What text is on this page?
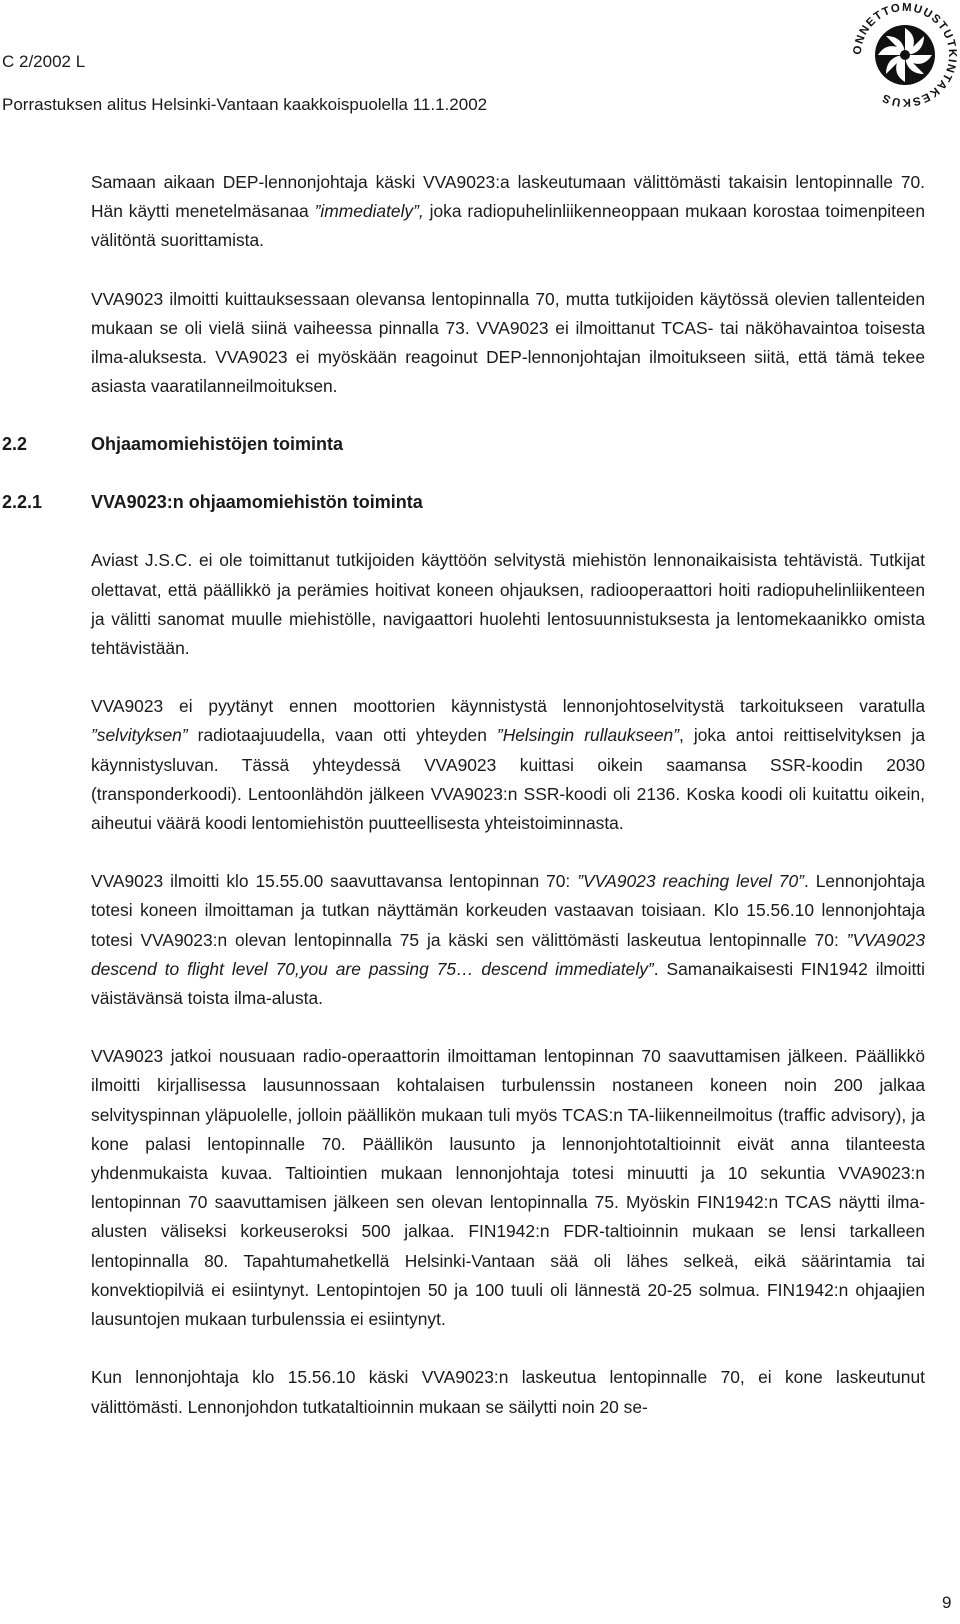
C 2/2002 L
Porrastuksen alitus Helsinki-Vantaan kaakkoispuolella 11.1.2002
ONNETTOMUUSTUTKINTAKESKUS

Samaan aikaan DEP-lennonjohtaja käski VVA9023:a laskeutumaan välittömästi takaisin lentopinnalle 70. Hän käytti menetelmäsanaa ”immediately”, joka radiopuhelinliikenneoppaan mukaan korostaa toimenpiteen välitöntä suorittamista.

VVA9023 ilmoitti kuittauksessaan olevansa lentopinnalla 70, mutta tutkijoiden käytössä olevien tallenteiden mukaan se oli vielä siinä vaiheessa pinnalla 73. VVA9023 ei ilmoittanut TCAS- tai näköhavaintoa toisesta ilma-aluksesta. VVA9023 ei myöskään reagoinut DEP-lennonjohtajan ilmoitukseen siitä, että tämä tekee asiasta vaaratilanneilmoituksen.

2.2	Ohjaamomiehistöjen toiminta
2.2.1	VVA9023:n ohjaamomiehistön toiminta

Aviast J.S.C. ei ole toimittanut tutkijoiden käyttöön selvitystä miehistön lennonaikaisista tehtävistä. Tutkijat olettavat, että päällikkö ja perämies hoitivat koneen ohjauksen, radiooperaattori hoiti radiopuhelinliikenteen ja välitti sanomat muulle miehistölle, navigaattori huolehti lentosuunnistuksesta ja lentomekaanikko omista tehtävistään.

VVA9023 ei pyytänyt ennen moottorien käynnistystä lennonjohtoselvitystä tarkoitukseen varatulla ”selvityksen” radiotaajuudella, vaan otti yhteyden ”Helsingin rullaukseen”, joka antoi reittiselvityksen ja käynnistysluvan. Tässä yhteydessä VVA9023 kuittasi oikein saamansa SSR-koodin 2030 (transponderkoodi). Lentoonlähdön jälkeen VVA9023:n SSR-koodi oli 2136. Koska koodi oli kuitattu oikein, aiheutui väärä koodi lentomiehistön puutteellisesta yhteistoiminnasta.

VVA9023 ilmoitti klo 15.55.00 saavuttavansa lentopinnan 70: ”VVA9023 reaching level 70”. Lennonjohtaja totesi koneen ilmoittaman ja tutkan näyttämän korkeuden vastaavan toisiaan. Klo 15.56.10 lennonjohtaja totesi VVA9023:n olevan lentopinnalla 75 ja käski sen välittömästi laskeutua lentopinnalle 70: ”VVA9023 descend to flight level 70,you are passing 75… descend immediately”. Samanaikaisesti FIN1942 ilmoitti väistävänsä toista ilma-alusta.

VVA9023 jatkoi nousuaan radio-operaattorin ilmoittaman lentopinnan 70 saavuttamisen jälkeen. Päällikkö ilmoitti kirjallisessa lausunnossaan kohtalaisen turbulenssin nostaneen koneen noin 200 jalkaa selvityspinnan yläpuolelle, jolloin päällikön mukaan tuli myös TCAS:n TA-liikenneilmoitus (traffic advisory), ja kone palasi lentopinnalle 70. Päällikön lausunto ja lennonjohtotaltioinnit eivät anna tilanteesta yhdenmukaista kuvaa. Taltiointien mukaan lennonjohtaja totesi minuutti ja 10 sekuntia VVA9023:n lentopinnan 70 saavuttamisen jälkeen sen olevan lentopinnalla 75. Myöskin FIN1942:n TCAS näytti ilma-alusten väliseksi korkeuseroksi 500 jalkaa. FIN1942:n FDR-taltioinnin mukaan se lensi tarkalleen lentopinnalla 80. Tapahtumahetkellä Helsinki-Vantaan sää oli lähes selkeä, eikä säärintamia tai konvektiopilviä ei esiintynyt. Lentopintojen 50 ja 100 tuuli oli lännestä 20-25 solmua. FIN1942:n ohjaajien lausuntojen mukaan turbulenssia ei esiintynyt.

Kun lennonjohtaja klo 15.56.10 käski VVA9023:n laskeutua lentopinnalle 70, ei kone laskeutunut välittömästi. Lennonjohdon tutkataltioinnin mukaan se säilytti noin 20 se-

9
